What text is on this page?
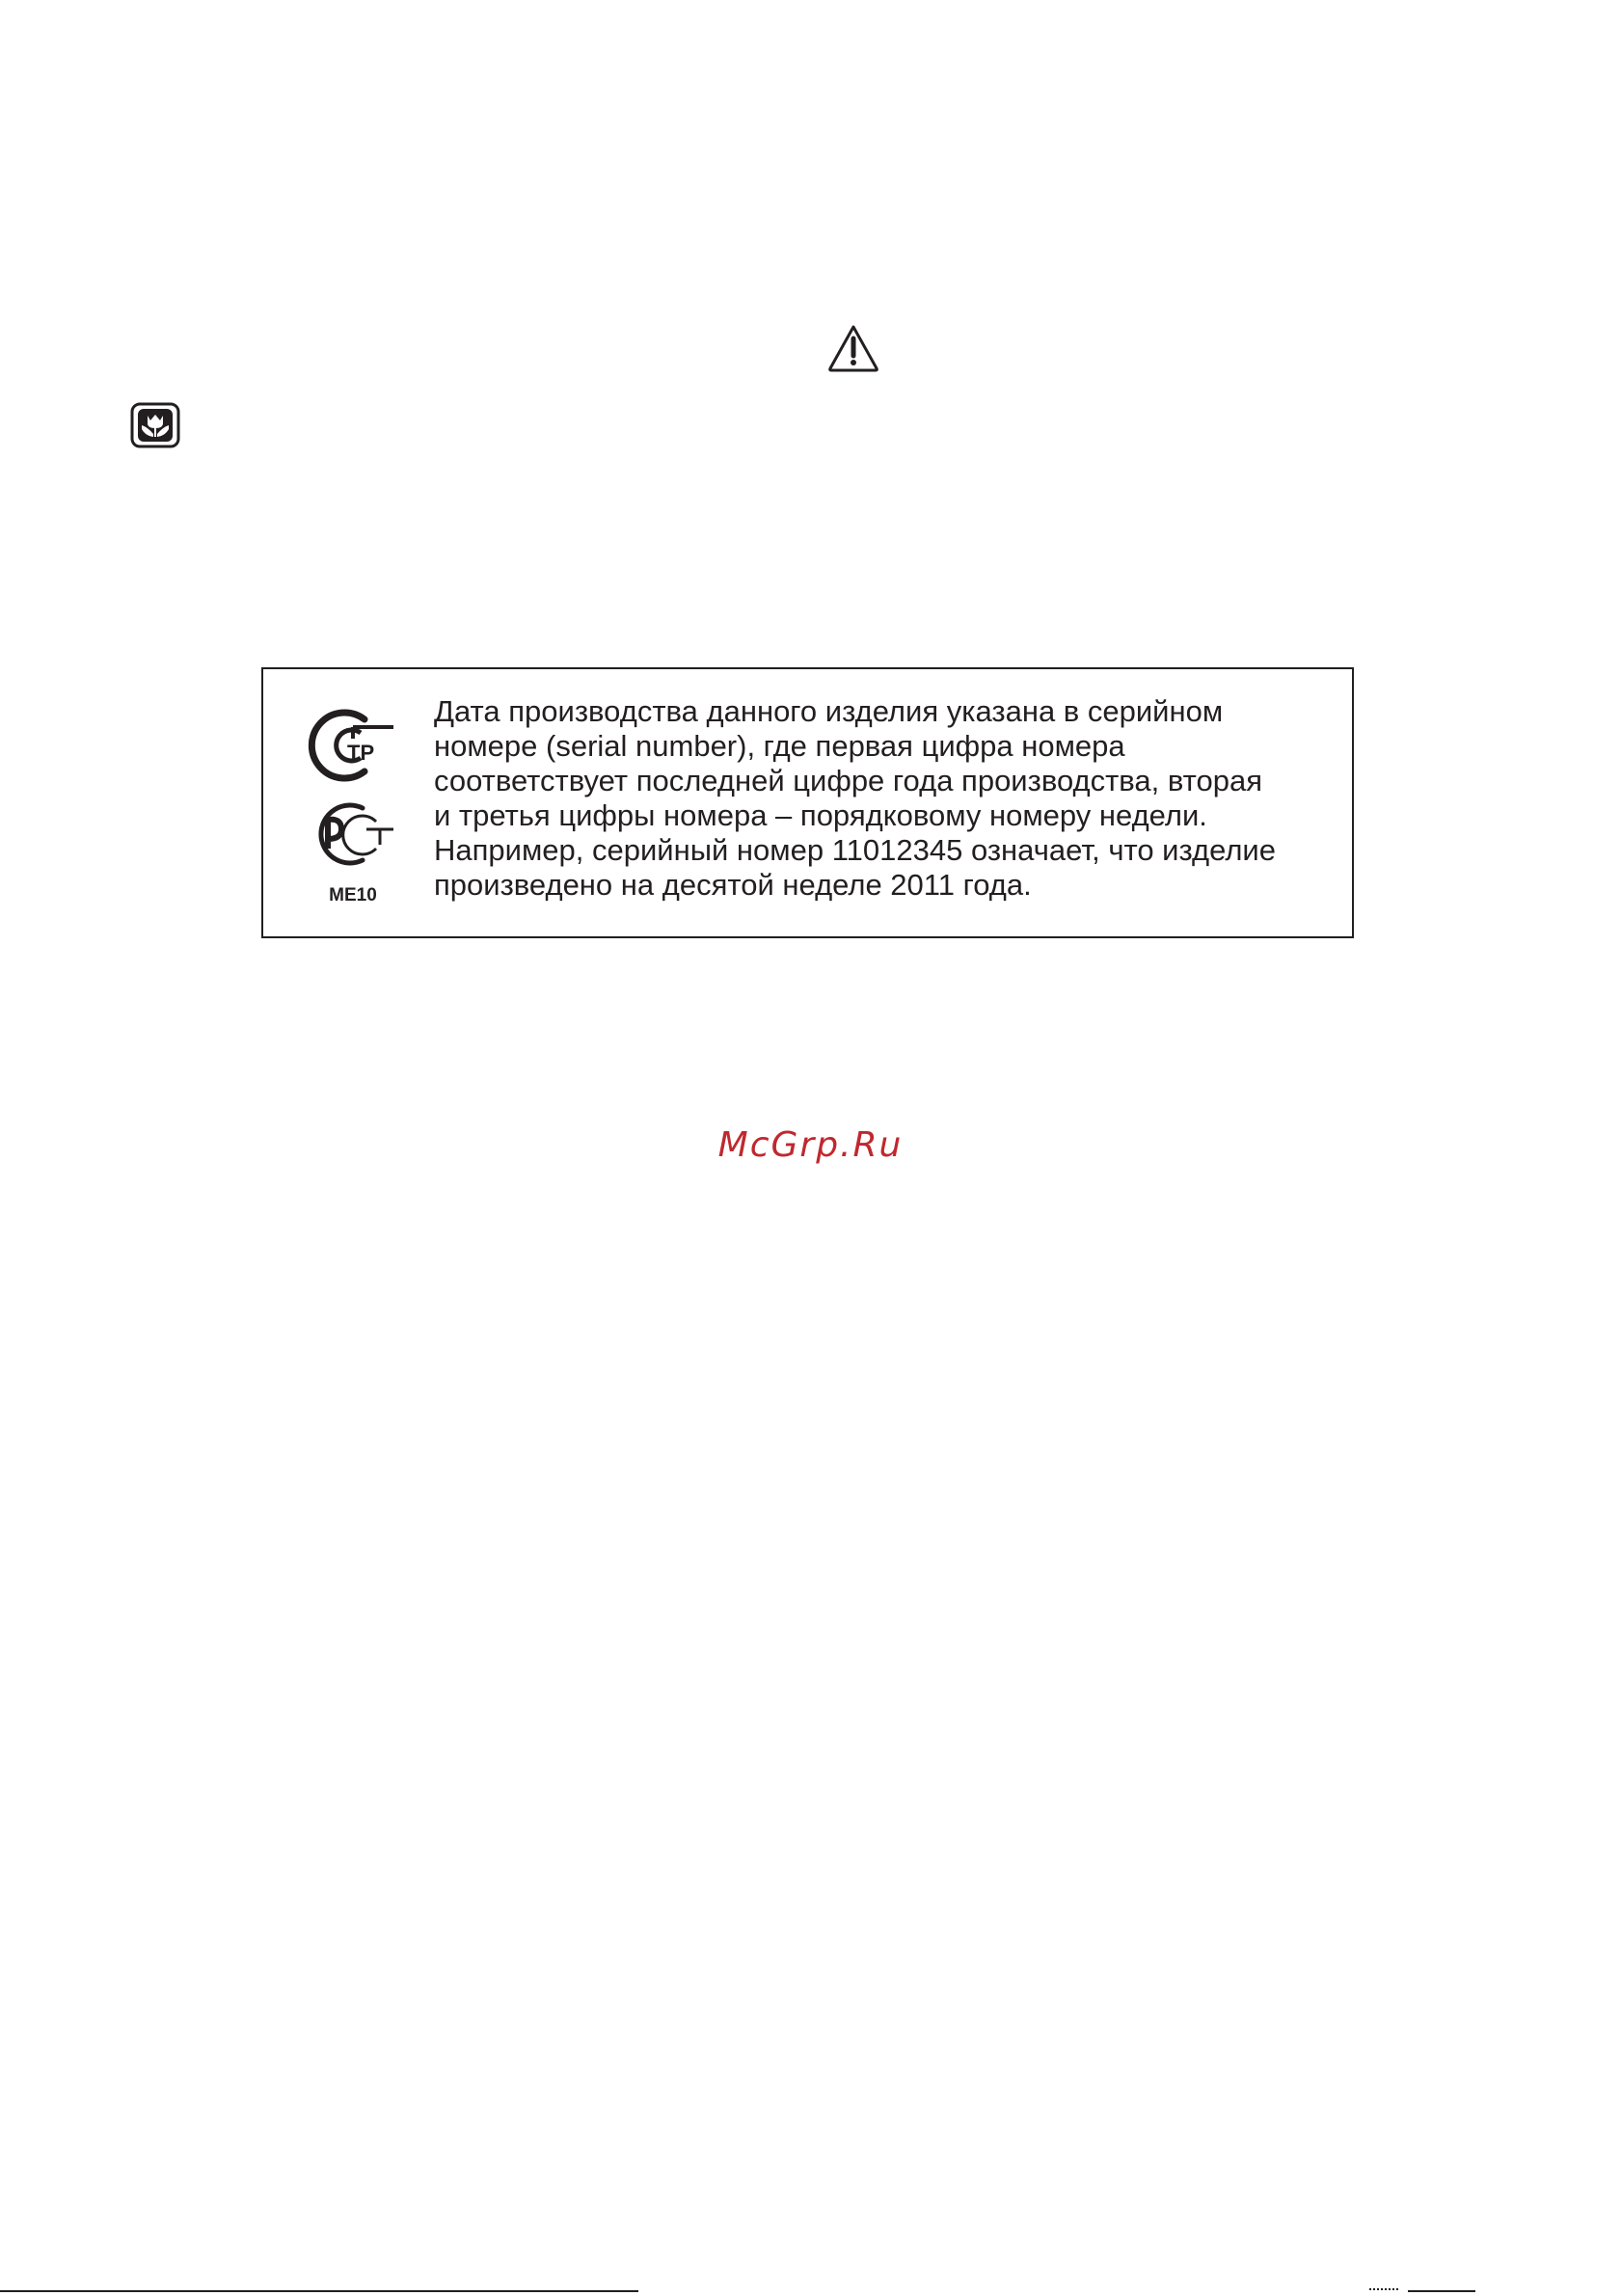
ТР
ME10
Дата производства данного изделия указана в серийном
номере (serial number), где первая цифра номера
соответствует последней цифре года производства, вторая
и третья цифры номера – порядковому номеру недели.
Например, серийный номер 11012345 означает, что изделие
произведено на десятой неделе 2011 года.
McGrp.Ru
